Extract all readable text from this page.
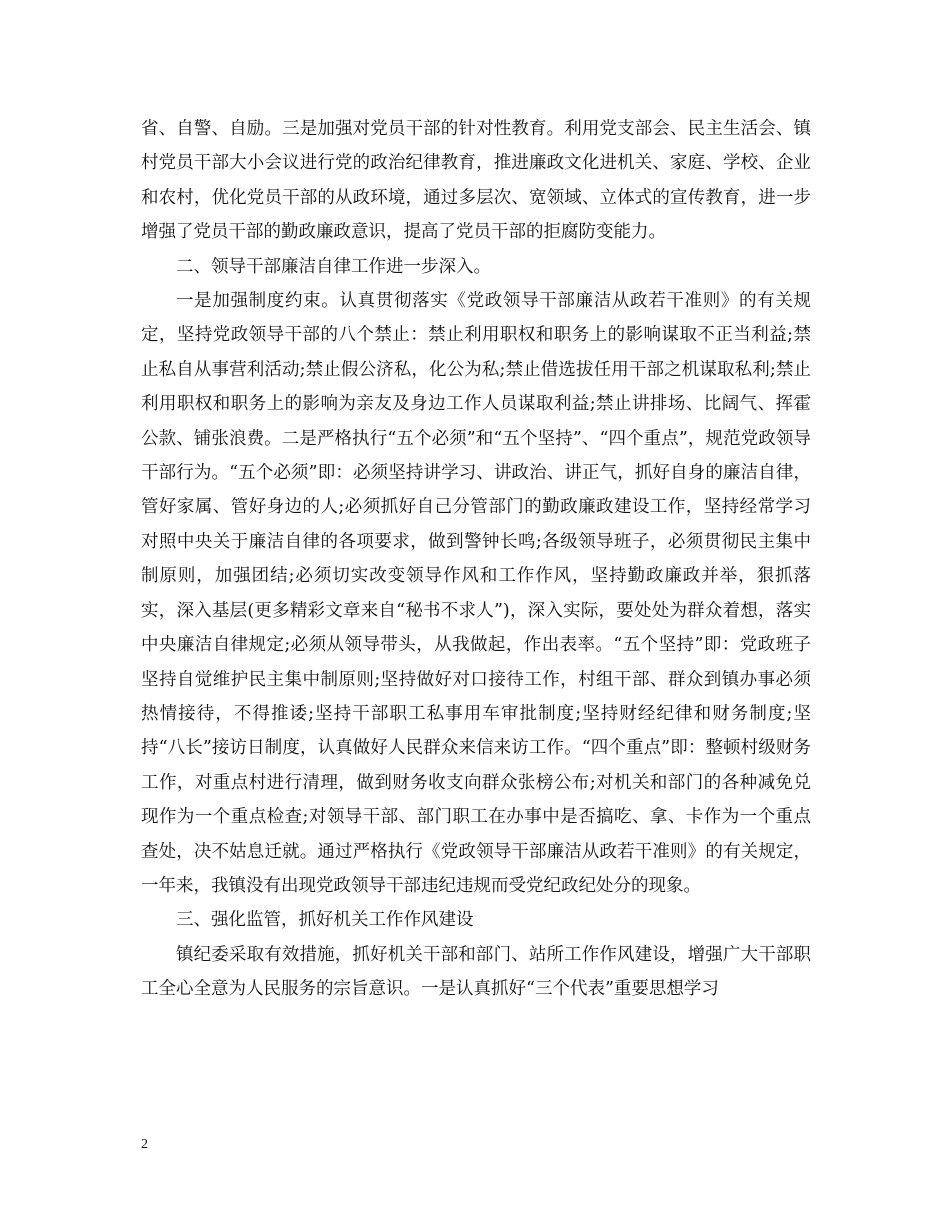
省、自警、自励。三是加强对党员干部的针对性教育。利用党支部会、民主生活会、镇村党员干部大小会议进行党的政治纪律教育，推进廉政文化进机关、家庭、学校、企业和农村，优化党员干部的从政环境，通过多层次、宽领域、立体式的宣传教育，进一步增强了党员干部的勤政廉政意识，提高了党员干部的拒腐防变能力。

二、领导干部廉洁自律工作进一步深入。

一是加强制度约束。认真贯彻落实《党政领导干部廉洁从政若干准则》的有关规定，坚持党政领导干部的八个禁止：禁止利用职权和职务上的影响谋取不正当利益;禁止私自从事营利活动;禁止假公济私，化公为私;禁止借选拔任用干部之机谋取私利;禁止利用职权和职务上的影响为亲友及身边工作人员谋取利益;禁止讲排场、比阔气、挥霍公款、铺张浪费。二是严格执行“五个必须”和“五个坚持”、“四个重点”，规范党政领导干部行为。“五个必须”即：必须坚持讲学习、讲政治、讲正气，抓好自身的廉洁自律，管好家属、管好身边的人;必须抓好自己分管部门的勤政廉政建设工作，坚持经常学习对照中央关于廉洁自律的各项要求，做到警钟长鸣;各级领导班子，必须贯彻民主集中制原则，加强团结;必须切实改变领导作风和工作作风，坚持勤政廉政并举，狠抓落实，深入基层(更多精彩文章来自“秘书不求人”)，深入实际，要处处为群众着想，落实中央廉洁自律规定;必须从领导带头，从我做起，作出表率。“五个坚持”即：党政班子坚持自觉维护民主集中制原则;坚持做好对口接待工作，村组干部、群众到镇办事必须热情接待，不得推诿;坚持干部职工私事用车审批制度;坚持财经纪律和财务制度;坚持“八长”接访日制度，认真做好人民群众来信来访工作。“四个重点”即：整顿村级财务工作，对重点村进行清理，做到财务收支向群众张榜公布;对机关和部门的各种减免兑现作为一个重点检查;对领导干部、部门职工在办事中是否搞吃、拿、卡作为一个重点查处，决不姑息迁就。通过严格执行《党政领导干部廉洁从政若干准则》的有关规定，一年来，我镇没有出现党政领导干部违纪违规而受党纪政纪处分的现象。

三、强化监管，抓好机关工作作风建设

镇纪委采取有效措施，抓好机关干部和部门、站所工作作风建设，增强广大干部职工全心全意为人民服务的宗旨意识。一是认真抓好“三个代表”重要思想学习

2
